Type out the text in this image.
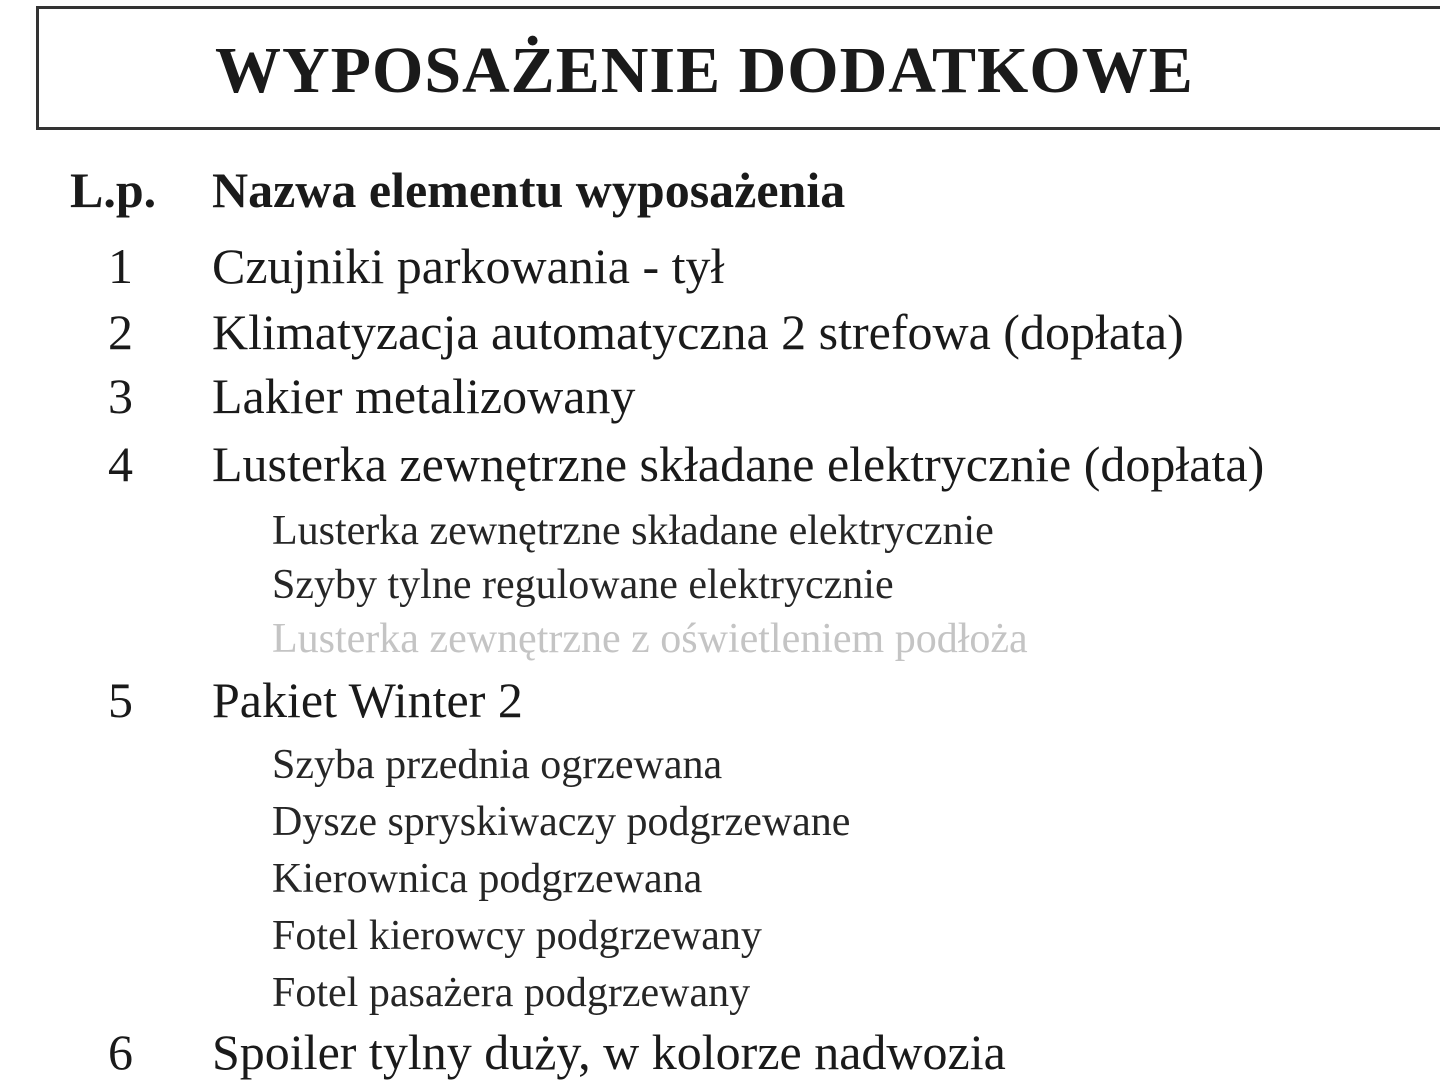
WYPOSAŻENIE DODATKOWE
L.p. Nazwa elementu wyposażenia
1 Czujniki parkowania - tył
2 Klimatyzacja automatyczna 2 strefowa (dopłata)
3 Lakier metalizowany
4 Lusterka zewnętrzne składane elektrycznie (dopłata)
Lusterka zewnętrzne składane elektrycznie
Szyby tylne regulowane elektrycznie
Lusterka zewnętrzne z oświetleniem podłoża
5 Pakiet Winter 2
Szyba przednia ogrzewana
Dysze spryskiwaczy podgrzewane
Kierownica podgrzewana
Fotel kierowcy podgrzewany
Fotel pasażera podgrzewany
6 Spoiler tylny duży, w kolorze nadwozia
